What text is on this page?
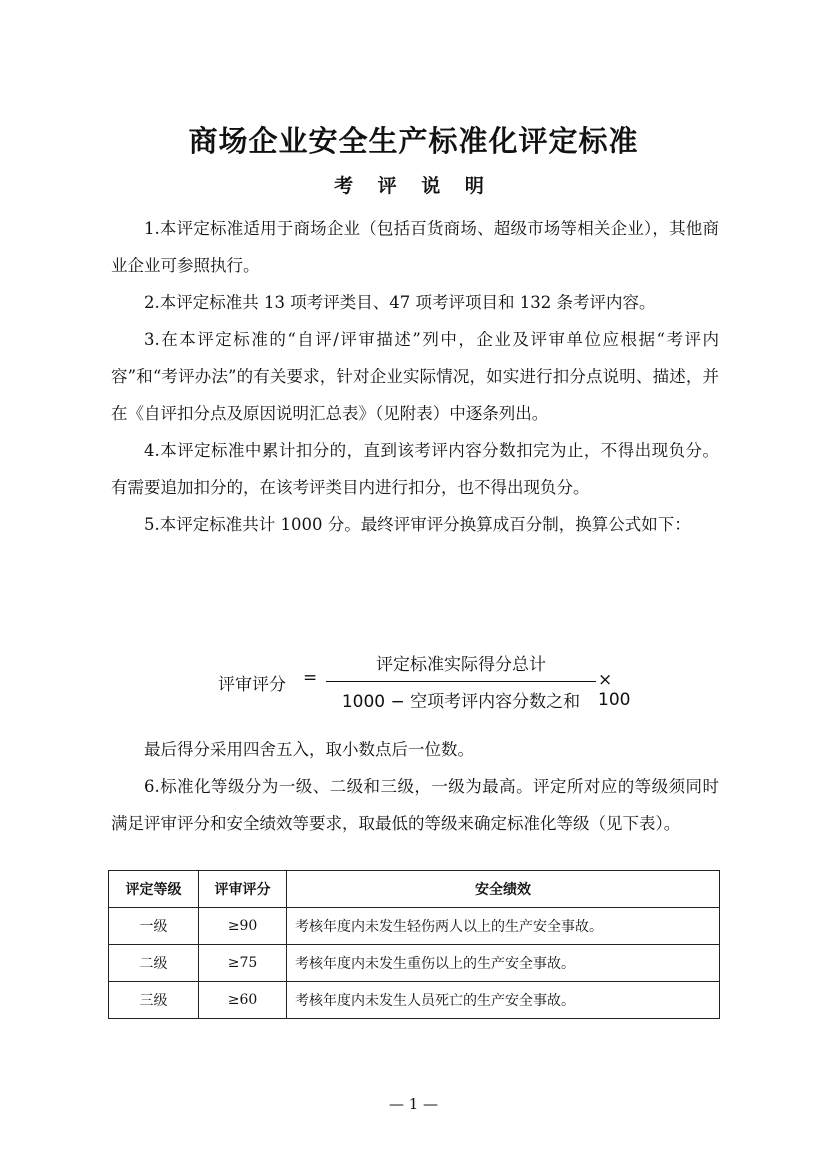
商场企业安全生产标准化评定标准
考 评 说 明

1.本评定标准适用于商场企业（包括百货商场、超级市场等相关企业），其他商业企业可参照执行。

2.本评定标准共 13 项考评类目、47 项考评项目和 132 条考评内容。

3.在本评定标准的“自评/评审描述”列中，企业及评审单位应根据“考评内容”和“考评办法”的有关要求，针对企业实际情况，如实进行扣分点说明、描述，并在《自评扣分点及原因说明汇总表》（见附表）中逐条列出。

4.本评定标准中累计扣分的，直到该考评内容分数扣完为止，不得出现负分。有需要追加扣分的，在该考评类目内进行扣分，也不得出现负分。

5.本评定标准共计 1000 分。最终评审评分换算成百分制，换算公式如下：

评审评分 =
评定标准实际得分总计
1000 − 空项考评内容分数之和
× 100

最后得分采用四舍五入，取小数点后一位数。

6.标准化等级分为一级、二级和三级，一级为最高。评定所对应的等级须同时满足评审评分和安全绩效等要求，取最低的等级来确定标准化等级（见下表）。

评定等级	评审评分	安全绩效
一级	≥90	考核年度内未发生轻伤两人以上的生产安全事故。
二级	≥75	考核年度内未发生重伤以上的生产安全事故。
三级	≥60	考核年度内未发生人员死亡的生产安全事故。
— 1 —
